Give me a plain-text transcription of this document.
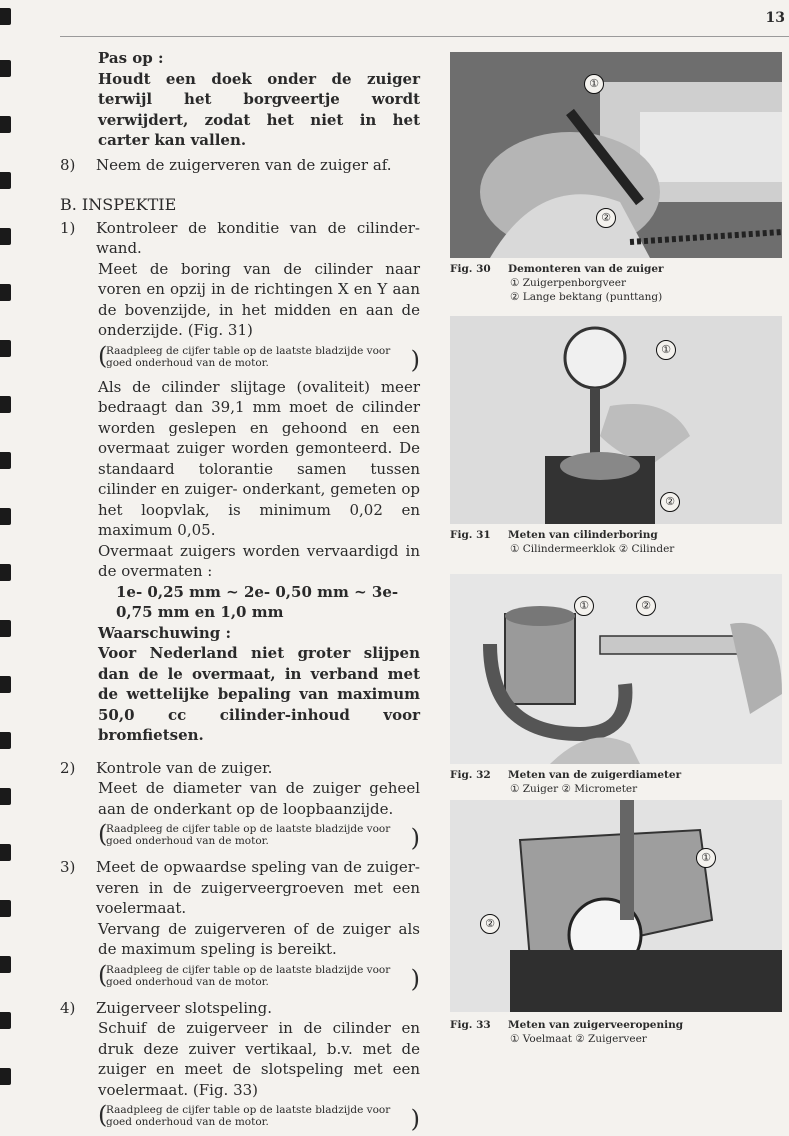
13

Pas op :

Houdt een doek onder de zuiger terwijl het borgveertje wordt verwijdert, zodat het niet in het carter kan vallen.

8)	Neem de zuigerveren van de zuiger af.

B. INSPEKTIE

1)	Kontroleer de konditie van de cilinder-wand.

Meet de boring van de cilinder naar voren en opzij in de richtingen X en Y aan de bovenzijde, in het midden en aan de onderzijde. (Fig. 31)

( Raadpleeg de cijfer table op de laatste bladzijde voor goed onderhoud van de motor. )

Als de cilinder slijtage (ovaliteit) meer bedraagt dan 39,1 mm moet de cilinder worden geslepen en gehoond en een overmaat zuiger worden gemonteerd. De standaard tolorantie samen tussen cilinder en zuiger- onderkant, gemeten op het loopvlak, is minimum 0,02 en maximum 0,05.

Overmaat zuigers worden vervaardigd in de overmaten :

1e- 0,25 mm ~ 2e- 0,50 mm ~ 3e-

0,75 mm en 1,0 mm

Waarschuwing :

Voor Nederland niet groter slijpen dan de le overmaat, in verband met de wettelijke bepaling van maximum 50,0 cc cilinder-inhoud voor bromfietsen.

2)	Kontrole van de zuiger.

Meet de diameter van de zuiger geheel aan de onderkant op de loopbaanzijde.

( Raadpleeg de cijfer table op de laatste bladzijde voor goed onderhoud van de motor. )
3)	Meet de opwaardse speling van de zuiger-veren in de zuigerveergroeven met een voelermaat.

Vervang de zuigerveren of de zuiger als de maximum speling is bereikt.

( Raadpleeg de cijfer table op de laatste bladzijde voor goed onderhoud van de motor. )
4)	Zuigerveer slotspeling.

Schuif de zuigerveer in de cilinder en druk deze zuiver vertikaal, b.v. met de zuiger en meet de slotspeling met een voelermaat. (Fig. 33)

( Raadpleeg de cijfer table op de laatste bladzijde voor goed onderhoud van de motor. )
①
②
Fig. 30 Demonteren van de zuiger
① Zuigerpenborgveer
② Lange bektang (punttang)
①
②
Fig. 31 Meten van cilinderboring
① Cilindermeerklok ② Cilinder
①	②
Fig. 32 Meten van de zuigerdiameter
① Zuiger ② Micrometer
①
②
Fig. 33 Meten van zuigerveeropening
① Voelmaat ② Zuigerveer
